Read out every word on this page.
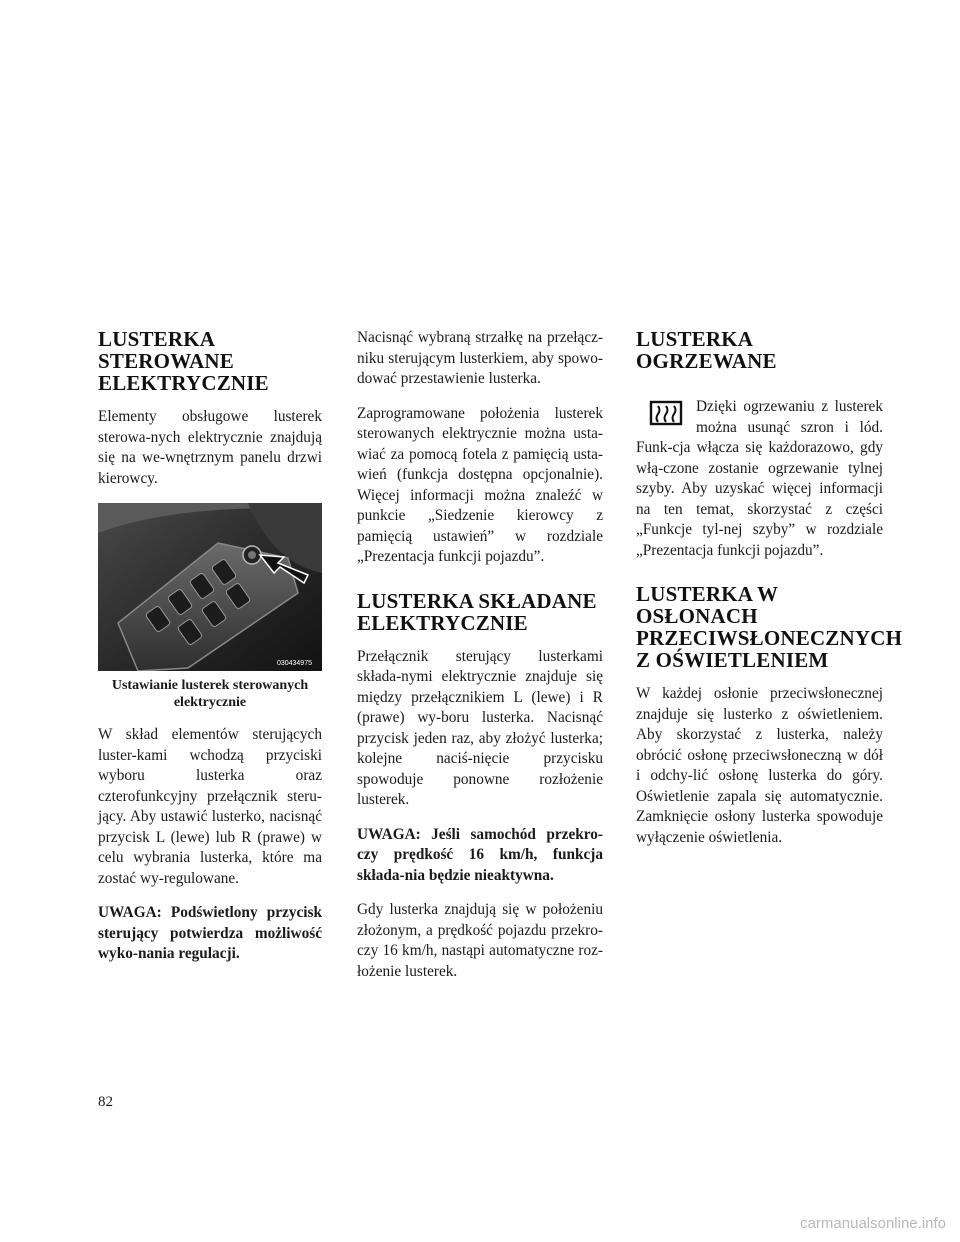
LUSTERKA STEROWANE ELEKTRYCZNIE

Elementy obsługowe lusterek sterowa-nych elektrycznie znajdują się na we-wnętrznym panelu drzwi kierowcy.

030434975
Ustawianie lusterek sterowanych elektrycznie

W skład elementów sterujących luster-kami wchodzą przyciski wyboru lusterka oraz czterofunkcyjny przełącznik steru-jący. Aby ustawić lusterko, nacisnąć przycisk L (lewe) lub R (prawe) w celu wybrania lusterka, które ma zostać wy-regulowane.

UWAGA: Podświetlony przycisk sterujący potwierdza możliwość wyko-nania regulacji.

Nacisnąć wybraną strzałkę na przełącz-niku sterującym lusterkiem, aby spowo-dować przestawienie lusterka.

Zaprogramowane położenia lusterek sterowanych elektrycznie można usta-wiać za pomocą fotela z pamięcią usta-wień (funkcja dostępna opcjonalnie). Więcej informacji można znaleźć w punkcie „Siedzenie kierowcy z pamięcią ustawień” w rozdziale „Prezentacja funkcji pojazdu”.

LUSTERKA SKŁADANE ELEKTRYCZNIE

Przełącznik sterujący lusterkami składa-nymi elektrycznie znajduje się między przełącznikiem L (lewe) i R (prawe) wy-boru lusterka. Nacisnąć przycisk jeden raz, aby złożyć lusterka; kolejne naciś-nięcie przycisku spowoduje ponowne rozłożenie lusterek.

UWAGA: Jeśli samochód przekro-czy prędkość 16 km/h, funkcja składa-nia będzie nieaktywna.

Gdy lusterka znajdują się w położeniu złożonym, a prędkość pojazdu przekro-czy 16 km/h, nastąpi automatyczne roz-łożenie lusterek.

LUSTERKA OGRZEWANE

Dzięki ogrzewaniu z lusterek można usunąć szron i lód. Funk-cja włącza się każdorazowo, gdy włą-czone zostanie ogrzewanie tylnej szyby. Aby uzyskać więcej informacji na ten temat, skorzystać z części „Funkcje tyl-nej szyby” w rozdziale „Prezentacja funkcji pojazdu”.

LUSTERKA W OSŁONACH PRZECIWSŁONECZNYCH Z OŚWIETLENIEM

W każdej osłonie przeciwsłonecznej znajduje się lusterko z oświetleniem. Aby skorzystać z lusterka, należy obrócić osłonę przeciwsłoneczną w dół i odchy-lić osłonę lusterka do góry. Oświetlenie zapala się automatycznie. Zamknięcie osłony lusterka spowoduje wyłączenie oświetlenia.

82
carmanualsonline.info
